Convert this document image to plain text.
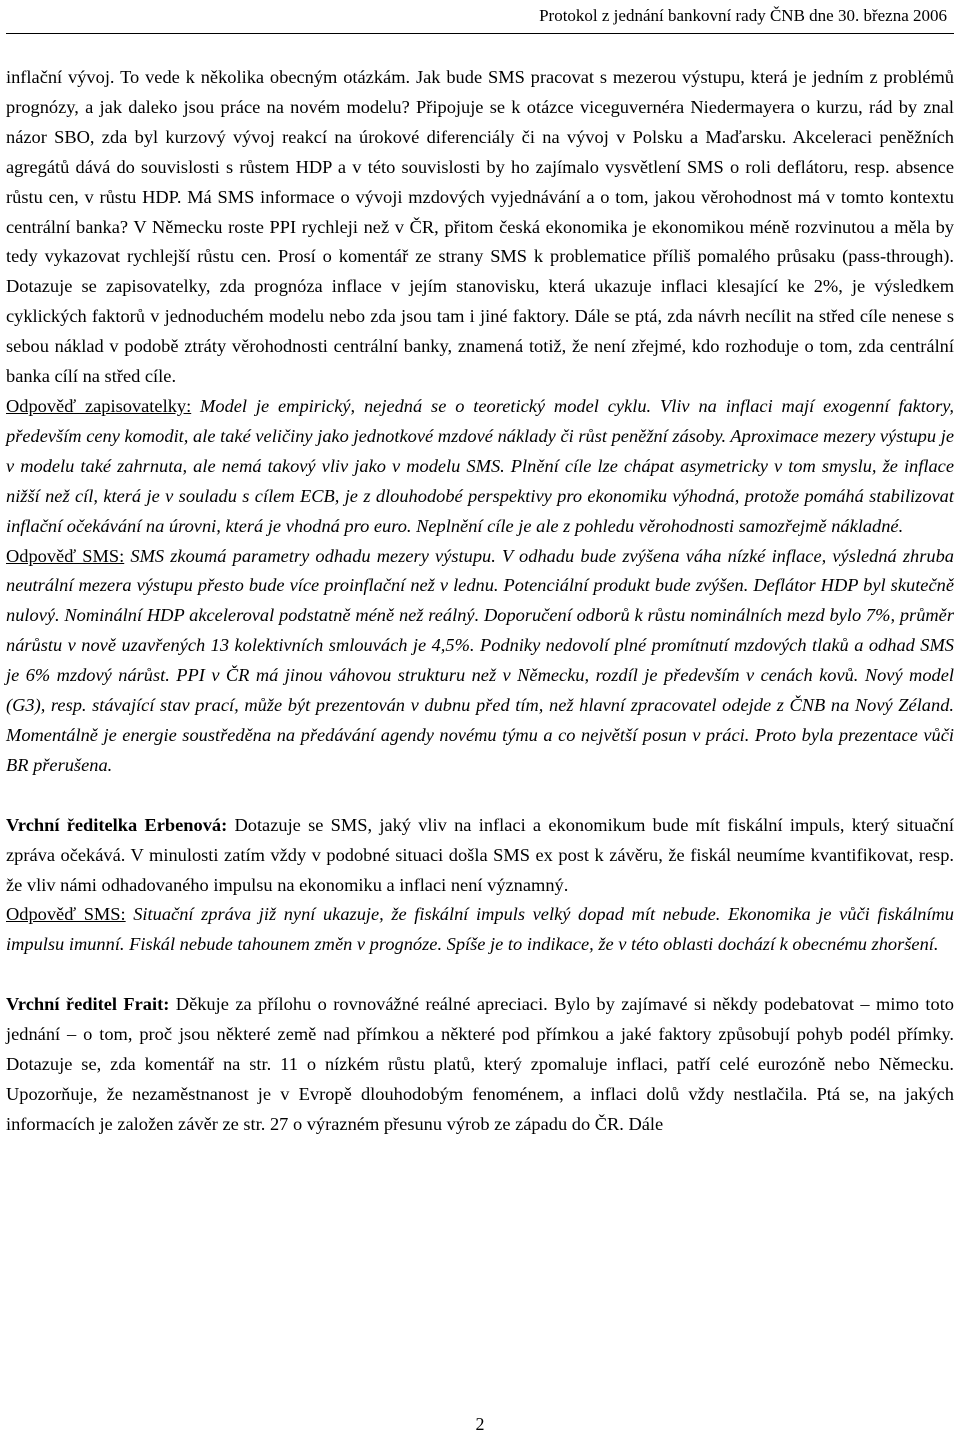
Protokol z jednání bankovní rady ČNB dne 30. března 2006

inflační vývoj. To vede k několika obecným otázkám. Jak bude SMS pracovat s mezerou výstupu, která je jedním z problémů prognózy, a jak daleko jsou práce na novém modelu? Připojuje se k otázce viceguvernéra Niedermayera o kurzu, rád by znal názor SBO, zda byl kurzový vývoj reakcí na úrokové diferenciály či na vývoj v Polsku a Maďarsku. Akceleraci peněžních agregátů dává do souvislosti s růstem HDP a v této souvislosti by ho zajímalo vysvětlení SMS o roli deflátoru, resp. absence růstu cen, v růstu HDP. Má SMS informace o vývoji mzdových vyjednávání a o tom, jakou věrohodnost má v tomto kontextu centrální banka? V Německu roste PPI rychleji než v ČR, přitom česká ekonomika je ekonomikou méně rozvinutou a měla by tedy vykazovat rychlejší růstu cen. Prosí o komentář ze strany SMS k problematice příliš pomalého průsaku (pass-through). Dotazuje se zapisovatelky, zda prognóza inflace v jejím stanovisku, která ukazuje inflaci klesající ke 2%, je výsledkem cyklických faktorů v jednoduchém modelu nebo zda jsou tam i jiné faktory. Dále se ptá, zda návrh necílit na střed cíle nenese s sebou náklad v podobě ztráty věrohodnosti centrální banky, znamená totiž, že není zřejmé, kdo rozhoduje o tom, zda centrální banka cílí na střed cíle.

Odpověď zapisovatelky: Model je empirický, nejedná se o teoretický model cyklu. Vliv na inflaci mají exogenní faktory, především ceny komodit, ale také veličiny jako jednotkové mzdové náklady či růst peněžní zásoby. Aproximace mezery výstupu je v modelu také zahrnuta, ale nemá takový vliv jako v modelu SMS. Plnění cíle lze chápat asymetricky v tom smyslu, že inflace nižší než cíl, která je v souladu s cílem ECB, je z dlouhodobé perspektivy pro ekonomiku výhodná, protože pomáhá stabilizovat inflační očekávání na úrovni, která je vhodná pro euro. Neplnění cíle je ale z pohledu věrohodnosti samozřejmě nákladné.

Odpověď SMS: SMS zkoumá parametry odhadu mezery výstupu. V odhadu bude zvýšena váha nízké inflace, výsledná zhruba neutrální mezera výstupu přesto bude více proinflační než v lednu. Potenciální produkt bude zvýšen. Deflátor HDP byl skutečně nulový. Nominální HDP akceleroval podstatně méně než reálný. Doporučení odborů k růstu nominálních mezd bylo 7%, průměr nárůstu v nově uzavřených 13 kolektivních smlouvách je 4,5%. Podniky nedovolí plné promítnutí mzdových tlaků a odhad SMS je 6% mzdový nárůst. PPI v ČR má jinou váhovou strukturu než v Německu, rozdíl je především v cenách kovů. Nový model (G3), resp. stávající stav prací, může být prezentován v dubnu před tím, než hlavní zpracovatel odejde z ČNB na Nový Zéland. Momentálně je energie soustředěna na předávání agendy novému týmu a co největší posun v práci. Proto byla prezentace vůči BR přerušena.

Vrchní ředitelka Erbenová: Dotazuje se SMS, jaký vliv na inflaci a ekonomikum bude mít fiskální impuls, který situační zpráva očekává. V minulosti zatím vždy v podobné situaci došla SMS ex post k závěru, že fiskál neumíme kvantifikovat, resp. že vliv námi odhadovaného impulsu na ekonomiku a inflaci není významný.

Odpověď SMS: Situační zpráva již nyní ukazuje, že fiskální impuls velký dopad mít nebude. Ekonomika je vůči fiskálnímu impulsu imunní. Fiskál nebude tahounem změn v prognóze. Spíše je to indikace, že v této oblasti dochází k obecnému zhoršení.

Vrchní ředitel Frait: Děkuje za přílohu o rovnovážné reálné apreciaci. Bylo by zajímavé si někdy podebatovat – mimo toto jednání – o tom, proč jsou některé země nad přímkou a některé pod přímkou a jaké faktory způsobují pohyb podél přímky. Dotazuje se, zda komentář na str. 11 o nízkém růstu platů, který zpomaluje inflaci, patří celé eurozóně nebo Německu. Upozorňuje, že nezaměstnanost je v Evropě dlouhodobým fenoménem, a inflaci dolů vždy nestlačila. Ptá se, na jakých informacích je založen závěr ze str. 27 o výrazném přesunu výrob ze západu do ČR. Dále

2
